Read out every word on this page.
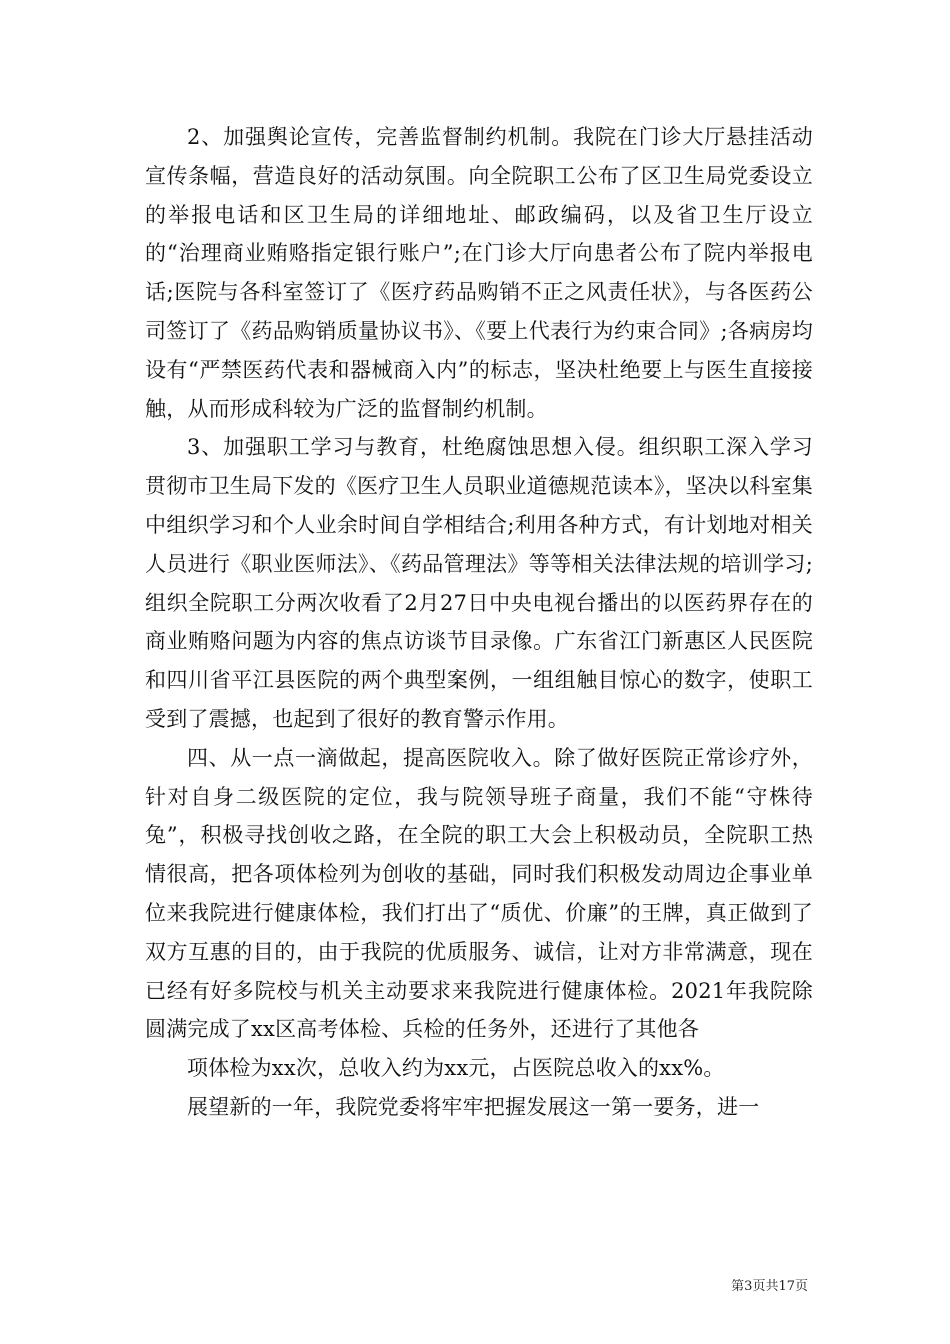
2、加强舆论宣传，完善监督制约机制。我院在门诊大厅悬挂活动宣传条幅，营造良好的活动氛围。向全院职工公布了区卫生局党委设立的举报电话和区卫生局的详细地址、邮政编码，以及省卫生厅设立的“治理商业贿赂指定银行账户”;在门诊大厅向患者公布了院内举报电话;医院与各科室签订了《医疗药品购销不正之风责任状》，与各医药公司签订了《药品购销质量协议书》、《要上代表行为约束合同》;各病房均设有“严禁医药代表和器械商入内”的标志，坚决杜绝要上与医生直接接触，从而形成科较为广泛的监督制约机制。

3、加强职工学习与教育，杜绝腐蚀思想入侵。组织职工深入学习贯彻市卫生局下发的《医疗卫生人员职业道德规范读本》，坚决以科室集中组织学习和个人业余时间自学相结合;利用各种方式，有计划地对相关人员进行《职业医师法》、《药品管理法》等等相关法律法规的培训学习;组织全院职工分两次收看了2月27日中央电视台播出的以医药界存在的商业贿赂问题为内容的焦点访谈节目录像。广东省江门新惠区人民医院和四川省平江县医院的两个典型案例，一组组触目惊心的数字，使职工受到了震撼，也起到了很好的教育警示作用。

四、从一点一滴做起，提高医院收入。除了做好医院正常诊疗外，针对自身二级医院的定位，我与院领导班子商量，我们不能“守株待兔”，积极寻找创收之路，在全院的职工大会上积极动员，全院职工热情很高，把各项体检列为创收的基础，同时我们积极发动周边企事业单位来我院进行健康体检，我们打出了“质优、价廉”的王牌，真正做到了双方互惠的目的，由于我院的优质服务、诚信，让对方非常满意，现在已经有好多院校与机关主动要求来我院进行健康体检。2021年我院除圆满完成了xx区高考体检、兵检的任务外，还进行了其他各

项体检为xx次，总收入约为xx元，占医院总收入的xx%。

展望新的一年，我院党委将牢牢把握发展这一第一要务，进一

第3页共17页
